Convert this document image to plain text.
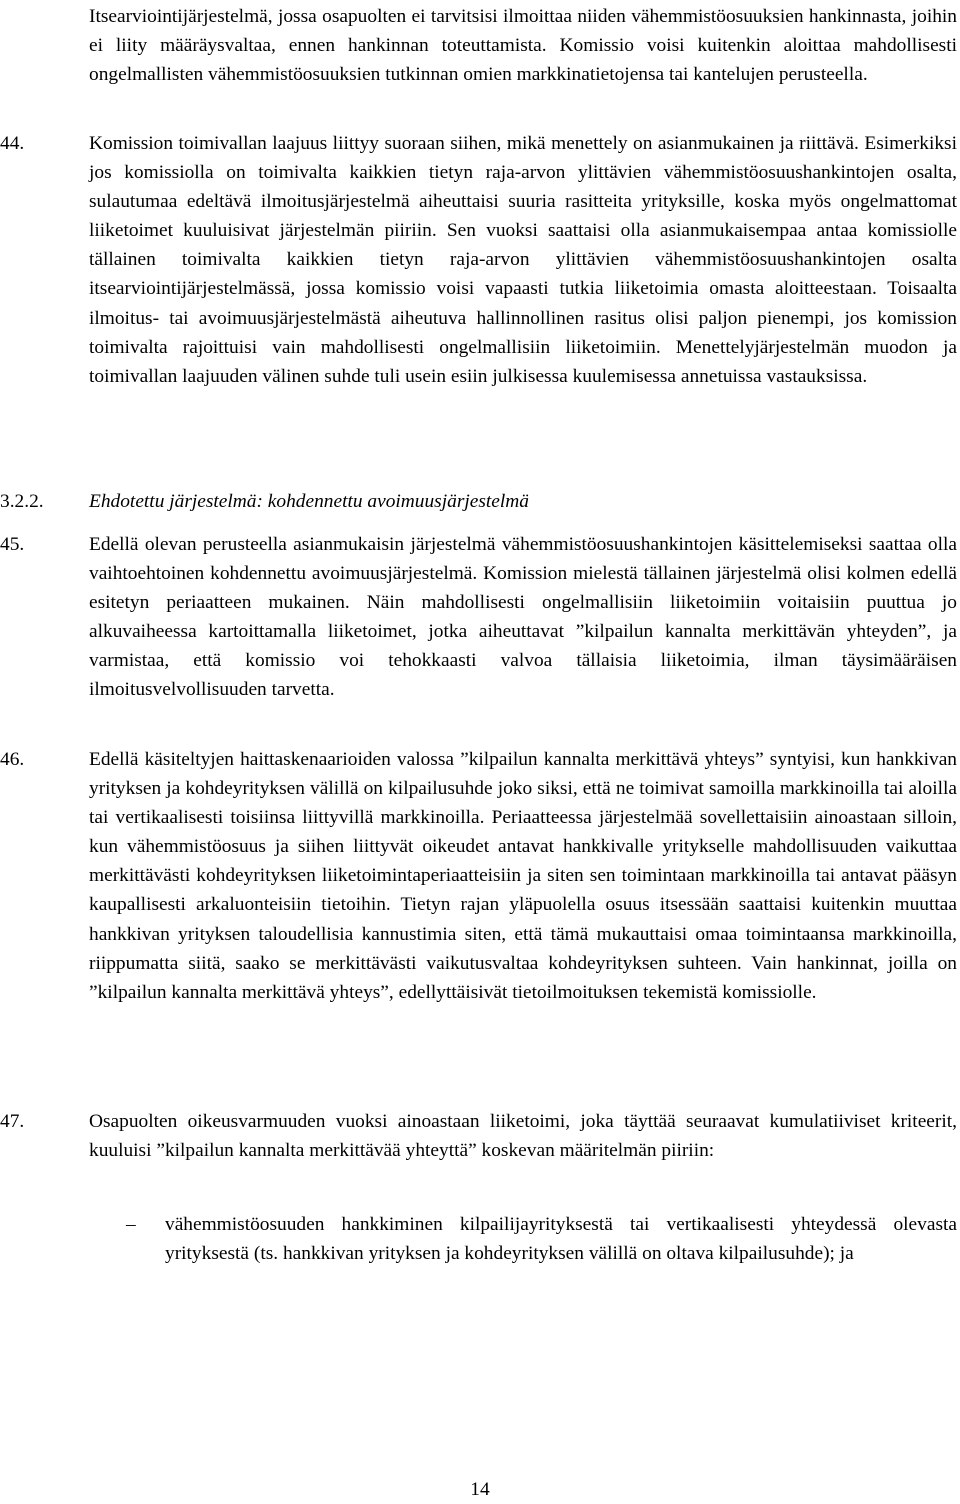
Itsearviointijärjestelmä, jossa osapuolten ei tarvitsisi ilmoittaa niiden vähemmistöosuuksien hankinnasta, joihin ei liity määräysvaltaa, ennen hankinnan toteuttamista. Komissio voisi kuitenkin aloittaa mahdollisesti ongelmallisten vähemmistöosuuksien tutkinnan omien markkinatietojensa tai kantelujen perusteella.

44.	Komission toimivallan laajuus liittyy suoraan siihen, mikä menettely on asianmukainen ja riittävä. Esimerkiksi jos komissiolla on toimivalta kaikkien tietyn raja-arvon ylittävien vähemmistöosuushankintojen osalta, sulautumaa edeltävä ilmoitusjärjestelmä aiheuttaisi suuria rasitteita yrityksille, koska myös ongelmattomat liiketoimet kuuluisivat järjestelmän piiriin. Sen vuoksi saattaisi olla asianmukaisempaa antaa komissiolle tällainen toimivalta kaikkien tietyn raja-arvon ylittävien vähemmistöosuushankintojen osalta itsearviointijärjestelmässä, jossa komissio voisi vapaasti tutkia liiketoimia omasta aloitteestaan. Toisaalta ilmoitus- tai avoimuusjärjestelmästä aiheutuva hallinnollinen rasitus olisi paljon pienempi, jos komission toimivalta rajoittuisi vain mahdollisesti ongelmallisiin liiketoimiin. Menettelyjärjestelmän muodon ja toimivallan laajuuden välinen suhde tuli usein esiin julkisessa kuulemisessa annetuissa vastauksissa.

3.2.2. Ehdotettu järjestelmä: kohdennettu avoimuusjärjestelmä
45.	Edellä olevan perusteella asianmukaisin järjestelmä vähemmistöosuushankintojen käsittelemiseksi saattaa olla vaihtoehtoinen kohdennettu avoimuusjärjestelmä. Komission mielestä tällainen järjestelmä olisi kolmen edellä esitetyn periaatteen mukainen. Näin mahdollisesti ongelmallisiin liiketoimiin voitaisiin puuttua jo alkuvaiheessa kartoittamalla liiketoimet, jotka aiheuttavat ”kilpailun kannalta merkittävän yhteyden”, ja varmistaa, että komissio voi tehokkaasti valvoa tällaisia liiketoimia, ilman täysimääräisen ilmoitusvelvollisuuden tarvetta.

46.	Edellä käsiteltyjen haittaskenaarioiden valossa ”kilpailun kannalta merkittävä yhteys” syntyisi, kun hankkivan yrityksen ja kohdeyrityksen välillä on kilpailusuhde joko siksi, että ne toimivat samoilla markkinoilla tai aloilla tai vertikaalisesti toisiinsa liittyvillä markkinoilla. Periaatteessa järjestelmää sovellettaisiin ainoastaan silloin, kun vähemmistöosuus ja siihen liittyvät oikeudet antavat hankkivalle yritykselle mahdollisuuden vaikuttaa merkittävästi kohdeyrityksen liiketoimintaperiaatteisiin ja siten sen toimintaan markkinoilla tai antavat pääsyn kaupallisesti arkaluonteisiin tietoihin. Tietyn rajan yläpuolella osuus itsessään saattaisi kuitenkin muuttaa hankkivan yrityksen taloudellisia kannustimia siten, että tämä mukauttaisi omaa toimintaansa markkinoilla, riippumatta siitä, saako se merkittävästi vaikutusvaltaa kohdeyrityksen suhteen. Vain hankinnat, joilla on ”kilpailun kannalta merkittävä yhteys”, edellyttäisivät tietoilmoituksen tekemistä komissiolle.

47.	Osapuolten oikeusvarmuuden vuoksi ainoastaan liiketoimi, joka täyttää seuraavat kumulatiiviset kriteerit, kuuluisi ”kilpailun kannalta merkittävää yhteyttä” koskevan määritelmän piiriin:

– vähemmistöosuuden hankkiminen kilpailijayrityksestä tai vertikaalisesti yhteydessä olevasta yrityksestä (ts. hankkivan yrityksen ja kohdeyrityksen välillä on oltava kilpailusuhde); ja

14
